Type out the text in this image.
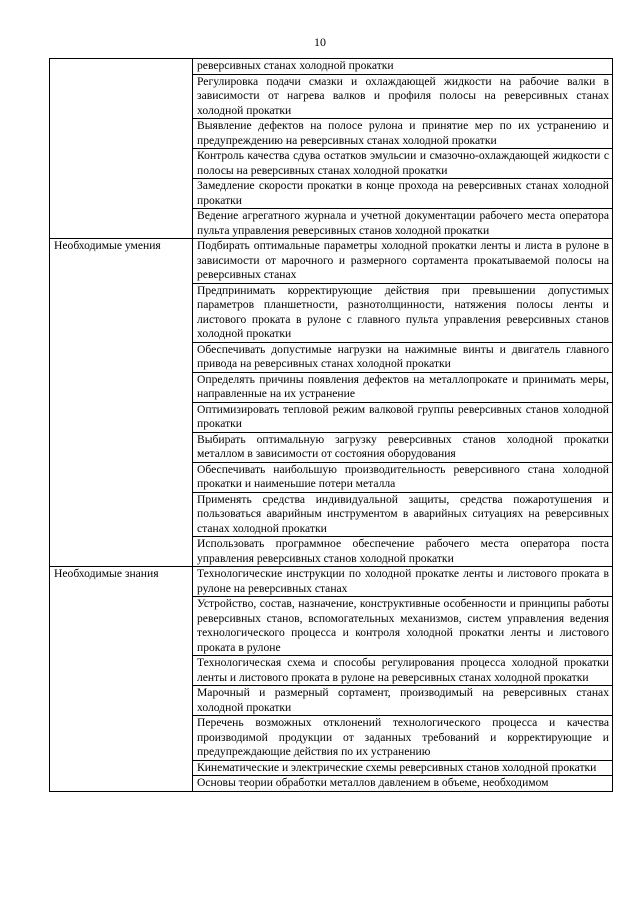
10
	реверсивных станах холодной прокатки
	Регулировка подачи смазки и охлаждающей жидкости на рабочие валки в зависимости от нагрева валков и профиля полосы на реверсивных станах холодной прокатки
	Выявление дефектов на полосе рулона и принятие мер по их устранению и предупреждению на реверсивных станах холодной прокатки
	Контроль качества сдува остатков эмульсии и смазочно-охлаждающей жидкости с полосы на реверсивных станах холодной прокатки
	Замедление скорости прокатки в конце прохода на реверсивных станах холодной прокатки
	Ведение агрегатного журнала и учетной документации рабочего места оператора пульта управления реверсивных станов холодной прокатки
Необходимые умения	Подбирать оптимальные параметры холодной прокатки ленты и листа в рулоне в зависимости от марочного и размерного сортамента прокатываемой полосы на реверсивных станах
	Предпринимать корректирующие действия при превышении допустимых параметров планшетности, разнотолщинности, натяжения полосы ленты и листового проката в рулоне с главного пульта управления реверсивных станов холодной прокатки
	Обеспечивать допустимые нагрузки на нажимные винты и двигатель главного привода на реверсивных станах холодной прокатки
	Определять причины появления дефектов на металлопрокате и принимать меры, направленные на их устранение
	Оптимизировать тепловой режим валковой группы реверсивных станов холодной прокатки
	Выбирать оптимальную загрузку реверсивных станов холодной прокатки металлом в зависимости от состояния оборудования
	Обеспечивать наибольшую производительность реверсивного стана холодной прокатки и наименьшие потери металла
	Применять средства индивидуальной защиты, средства пожаротушения и пользоваться аварийным инструментом в аварийных ситуациях на реверсивных станах холодной прокатки
	Использовать программное обеспечение рабочего места оператора поста управления реверсивных станов холодной прокатки
Необходимые знания	Технологические инструкции по холодной прокатке ленты и листового проката в рулоне на реверсивных станах
	Устройство, состав, назначение, конструктивные особенности и принципы работы реверсивных станов, вспомогательных механизмов, систем управления ведения технологического процесса и контроля холодной прокатки ленты и листового проката в рулоне
	Технологическая схема и способы регулирования процесса холодной прокатки ленты и листового проката в рулоне на реверсивных станах холодной прокатки
	Марочный и размерный сортамент, производимый на реверсивных станах холодной прокатки
	Перечень возможных отклонений технологического процесса и качества производимой продукции от заданных требований и корректирующие и предупреждающие действия по их устранению
	Кинематические и электрические схемы реверсивных станов холодной прокатки
	Основы теории обработки металлов давлением в объеме, необходимом
